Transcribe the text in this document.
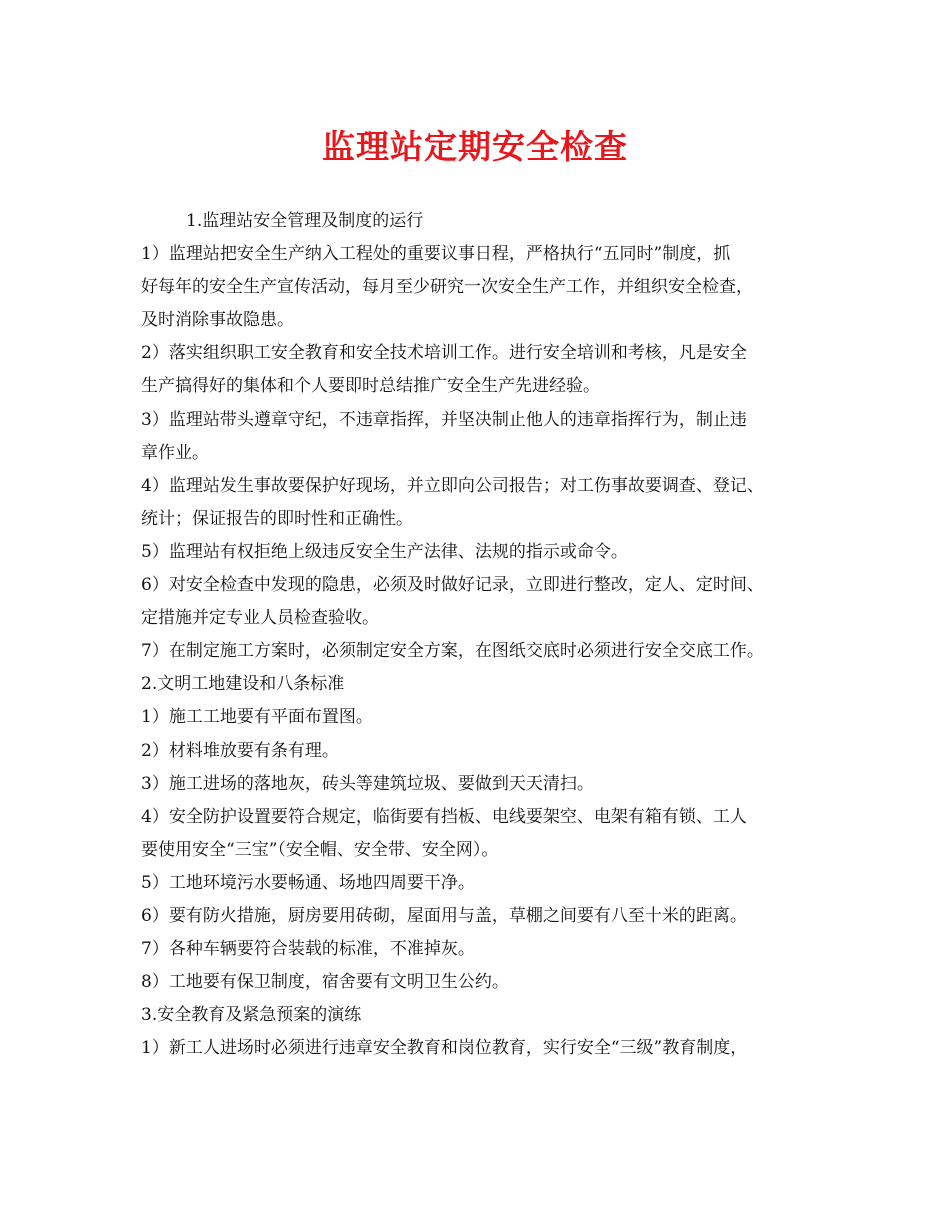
监理站定期安全检查
1.监理站安全管理及制度的运行
1）监理站把安全生产纳入工程处的重要议事日程，严格执行“五同时”制度，抓
好每年的安全生产宣传活动，每月至少研究一次安全生产工作，并组织安全检查，
及时消除事故隐患。
2）落实组织职工安全教育和安全技术培训工作。进行安全培训和考核，凡是安全
生产搞得好的集体和个人要即时总结推广安全生产先进经验。
3）监理站带头遵章守纪，不违章指挥，并坚决制止他人的违章指挥行为，制止违
章作业。
4）监理站发生事故要保护好现场，并立即向公司报告；对工伤事故要调查、登记、
统计；保证报告的即时性和正确性。
5）监理站有权拒绝上级违反安全生产法律、法规的指示或命令。
6）对安全检查中发现的隐患，必须及时做好记录，立即进行整改，定人、定时间、
定措施并定专业人员检查验收。
7）在制定施工方案时，必须制定安全方案，在图纸交底时必须进行安全交底工作。
2.文明工地建设和八条标准
1）施工工地要有平面布置图。
2）材料堆放要有条有理。
3）施工进场的落地灰，砖头等建筑垃圾、要做到天天清扫。
4）安全防护设置要符合规定，临街要有挡板、电线要架空、电架有箱有锁、工人
要使用安全“三宝”（安全帽、安全带、安全网）。
5）工地环境污水要畅通、场地四周要干净。
6）要有防火措施，厨房要用砖砌，屋面用与盖，草棚之间要有八至十米的距离。
7）各种车辆要符合装载的标准，不准掉灰。
8）工地要有保卫制度，宿舍要有文明卫生公约。
3.安全教育及紧急预案的演练
1）新工人进场时必须进行违章安全教育和岗位教育，实行安全“三级”教育制度，
